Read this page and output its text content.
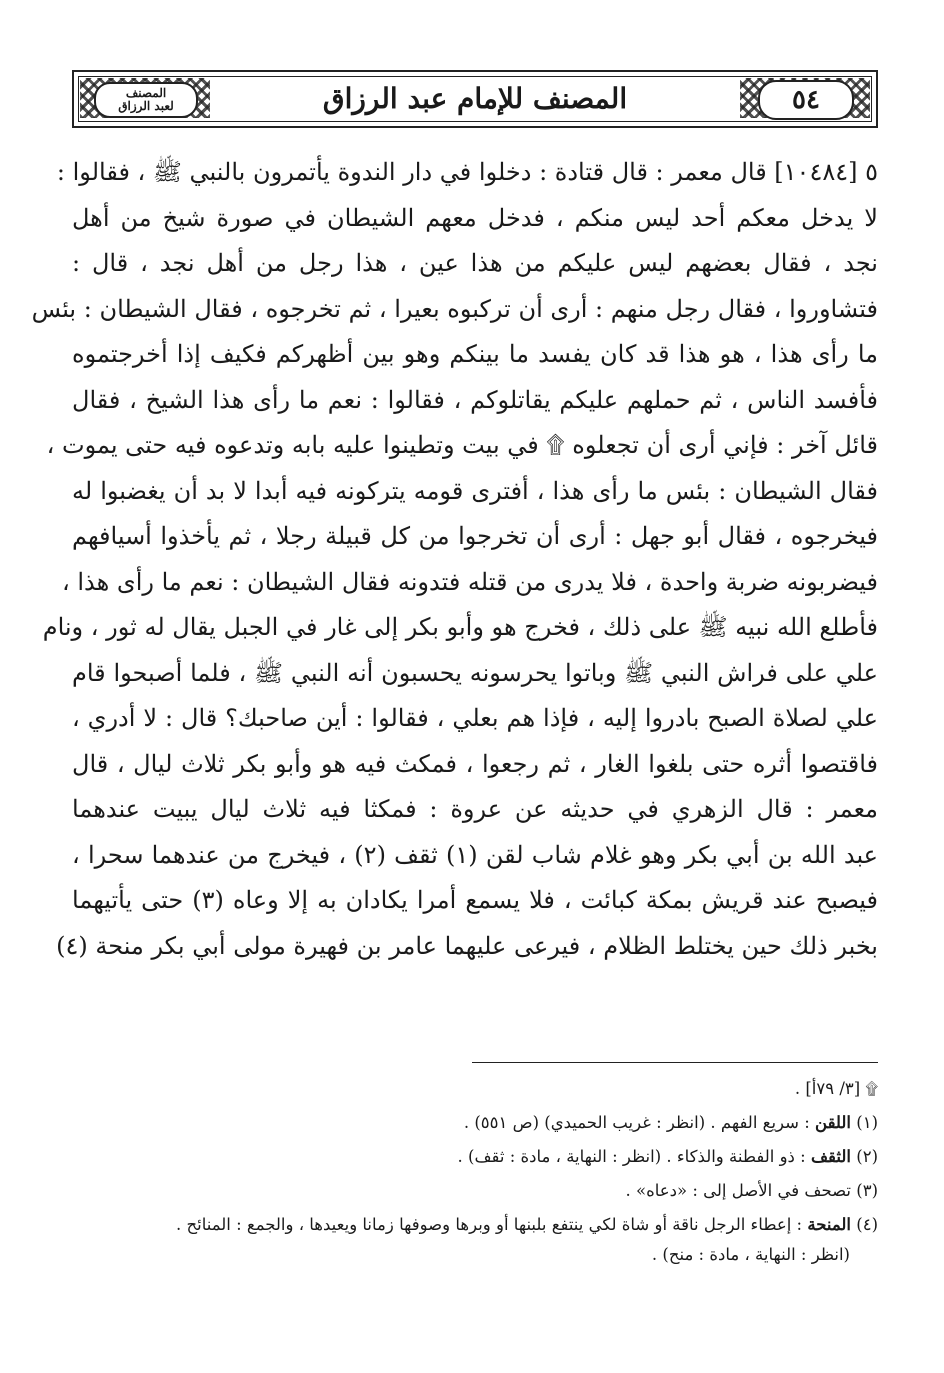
المصنف
لعبد الرزاق	المصنف للإمام عبد الرزاق	٥٤
٥ [١٠٤٨٤] قال معمر : قال قتادة : دخلوا في دار الندوة يأتمرون بالنبي ﷺ ، فقالوا :
لا يدخل معكم أحد ليس منكم ، فدخل معهم الشيطان في صورة شيخ من أهل
نجد ، فقال بعضهم ليس عليكم من هذا عين ، هذا رجل من أهل نجد ، قال :
فتشاوروا ، فقال رجل منهم : أرى أن تركبوه بعيرا ، ثم تخرجوه ، فقال الشيطان : بئس
ما رأى هذا ، هو هذا قد كان يفسد ما بينكم وهو بين أظهركم فكيف إذا أخرجتموه
فأفسد الناس ، ثم حملهم عليكم يقاتلوكم ، فقالوا : نعم ما رأى هذا الشيخ ، فقال
قائل آخر : فإني أرى أن تجعلوه ۩ في بيت وتطينوا عليه بابه وتدعوه فيه حتى يموت ،
فقال الشيطان : بئس ما رأى هذا ، أفترى قومه يتركونه فيه أبدا لا بد أن يغضبوا له
فيخرجوه ، فقال أبو جهل : أرى أن تخرجوا من كل قبيلة رجلا ، ثم يأخذوا أسيافهم
فيضربونه ضربة واحدة ، فلا يدرى من قتله فتدونه فقال الشيطان : نعم ما رأى هذا ،
فأطلع الله نبيه ﷺ على ذلك ، فخرج هو وأبو بكر إلى غار في الجبل يقال له ثور ، ونام
علي على فراش النبي ﷺ وباتوا يحرسونه يحسبون أنه النبي ﷺ ، فلما أصبحوا قام
علي لصلاة الصبح بادروا إليه ، فإذا هم بعلي ، فقالوا : أين صاحبك؟ قال : لا أدري ،
فاقتصوا أثره حتى بلغوا الغار ، ثم رجعوا ، فمكث فيه هو وأبو بكر ثلاث ليال ، قال
معمر : قال الزهري في حديثه عن عروة : فمكثا فيه ثلاث ليال يبيت عندهما
عبد الله بن أبي بكر وهو غلام شاب لقن (١) ثقف (٢) ، فيخرج من عندهما سحرا ،
فيصبح عند قريش بمكة كبائت ، فلا يسمع أمرا يكادان به إلا وعاه (٣) حتى يأتيهما
بخبر ذلك حين يختلط الظلام ، فيرعى عليهما عامر بن فهيرة مولى أبي بكر منحة (٤)
۩ [٣/ ٧٩أ] .
(١) اللقن : سريع الفهم . (انظر : غريب الحميدي) (ص ٥٥١) .
(٢) الثقف : ذو الفطنة والذكاء . (انظر : النهاية ، مادة : ثقف) .
(٣) تصحف في الأصل إلى : «دعاه» .
(٤) المنحة : إعطاء الرجل ناقة أو شاة لكي ينتفع بلبنها أو وبرها وصوفها زمانا ويعيدها ، والجمع : المنائح .
(انظر : النهاية ، مادة : منح) .
